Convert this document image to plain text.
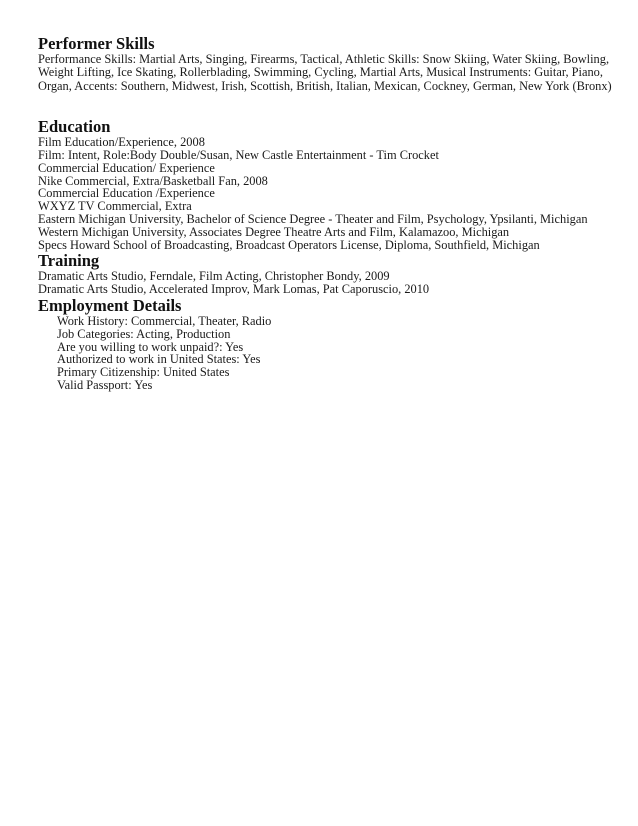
Performer Skills

Performance Skills: Martial Arts, Singing, Firearms, Tactical, Athletic Skills: Snow Skiing, Water Skiing, Bowling, Weight Lifting, Ice Skating, Rollerblading, Swimming, Cycling, Martial Arts, Musical Instruments: Guitar, Piano, Organ, Accents: Southern, Midwest, Irish, Scottish, British, Italian, Mexican, Cockney, German, New York (Bronx)

Education

Film Education/Experience, 2008

Film: Intent, Role:Body Double/Susan, New Castle Entertainment - Tim Crocket

Commercial Education/ Experience

Nike Commercial, Extra/Basketball Fan, 2008

Commercial Education /Experience

WXYZ TV Commercial, Extra

Eastern Michigan University, Bachelor of Science Degree - Theater and Film, Psychology, Ypsilanti, Michigan

Western Michigan University, Associates Degree Theatre Arts and Film, Kalamazoo, Michigan

Specs Howard School of Broadcasting, Broadcast Operators License, Diploma, Southfield, Michigan

Training

Dramatic Arts Studio, Ferndale, Film Acting, Christopher Bondy, 2009

Dramatic Arts Studio, Accelerated Improv, Mark Lomas, Pat Caporuscio, 2010

Employment Details

Work History: Commercial, Theater, Radio

Job Categories: Acting, Production

Are you willing to work unpaid?: Yes

Authorized to work in United States: Yes

Primary Citizenship: United States

Valid Passport: Yes
